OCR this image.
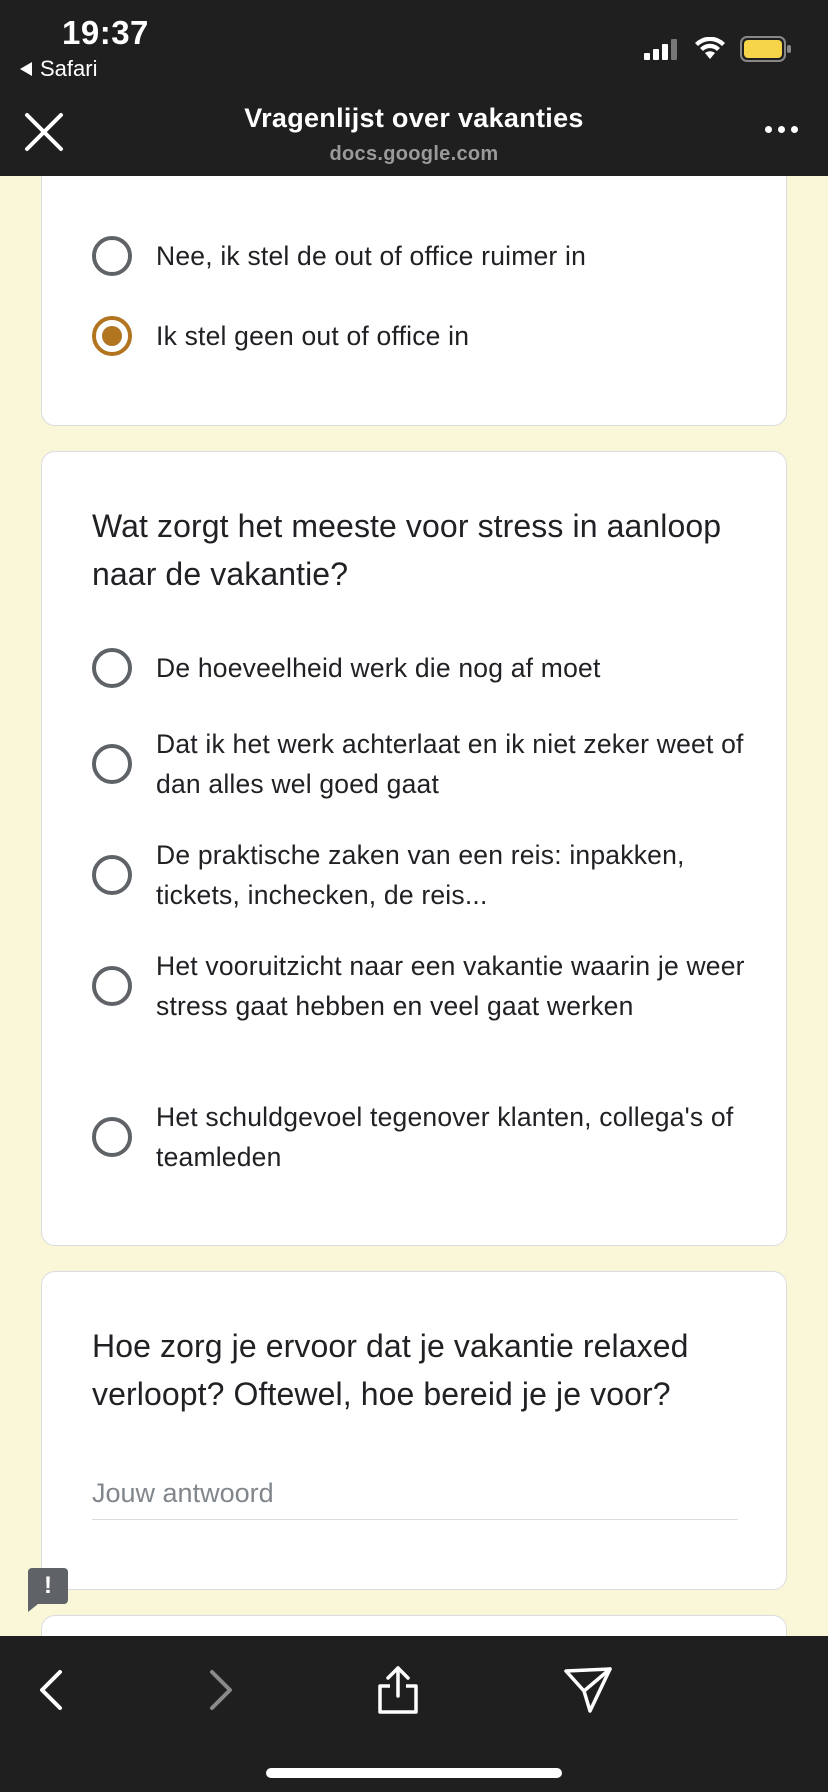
19:37
Safari
Vragenlijst over vakanties
docs.google.com
Nee, ik stel de out of office ruimer in
Ik stel geen out of office in
Wat zorgt het meeste voor stress in aanloop naar de vakantie?
De hoeveelheid werk die nog af moet
Dat ik het werk achterlaat en ik niet zeker weet of dan alles wel goed gaat
De praktische zaken van een reis: inpakken, tickets, inchecken, de reis...
Het vooruitzicht naar een vakantie waarin je weer stress gaat hebben en veel gaat werken
Het schuldgevoel tegenover klanten, collega's of teamleden
Hoe zorg je ervoor dat je vakantie relaxed verloopt? Oftewel, hoe bereid je je voor?
Jouw antwoord
!
